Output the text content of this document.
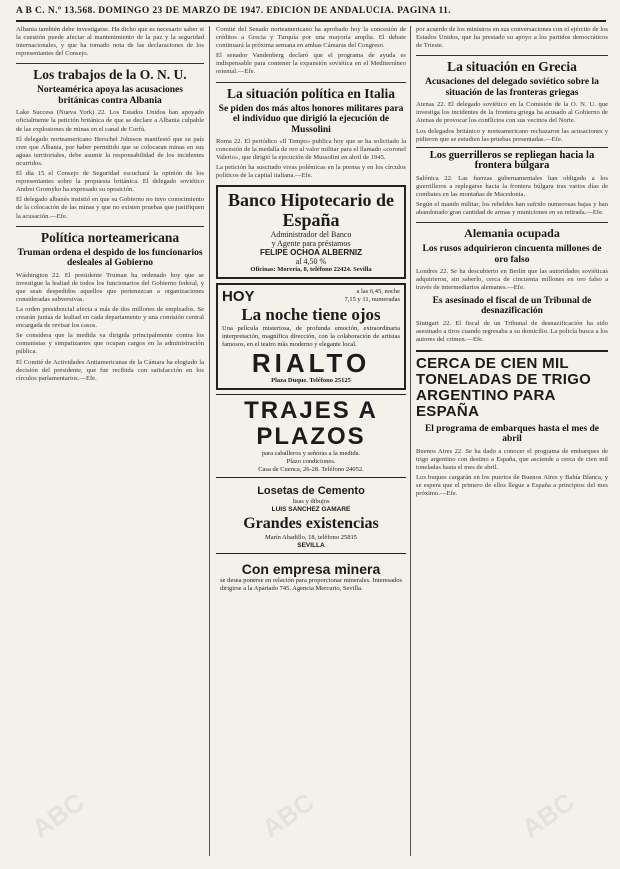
A B C. N.º 13.568. DOMINGO 23 DE MARZO DE 1947. EDICION DE ANDALUCIA. PAGINA 11.

Albania también debe investigarse. Ha dicho que es necesario saber si la cuestión puede afectar al mantenimiento de la paz y la seguridad internacionales, y que ha tomado nota de las declaraciones de los representantes del Consejo.

Los trabajos de la O. N. U.
Norteamérica apoya las acusaciones británicas contra Albania

Lake Success (Nueva York) 22. Los Estados Unidos han apoyado oficialmente la petición británica de que se declare a Albania culpable de las explosiones de minas en el canal de Corfú.

El delegado norteamericano Herschel Johnson manifestó que su país cree que Albania, por haber permitido que se colocaran minas en sus aguas territoriales, debe asumir la responsabilidad de los incidentes ocurridos.

El día 15 el Consejo de Seguridad escuchará la opinión de los representantes sobre la propuesta británica. El delegado soviético Andrei Gromyko ha expresado su oposición.

El delegado albanés insistió en que su Gobierno no tuvo conocimiento de la colocación de las minas y que no existen pruebas que justifiquen la acusación.—Efe.

Política norteamericana
Truman ordena el despido de los funcionarios desleales al Gobierno

Wáshington 22. El presidente Truman ha ordenado hoy que se investigue la lealtad de todos los funcionarios del Gobierno federal, y que sean despedidos aquellos que pertenezcan a organizaciones consideradas subversivas.

La orden presidencial afecta a más de dos millones de empleados. Se crearán juntas de lealtad en cada departamento y una comisión central encargada de revisar los casos.

Se considera que la medida va dirigida principalmente contra los comunistas y simpatizantes que ocupan cargos en la administración pública.

El Comité de Actividades Antiamericanas de la Cámara ha elogiado la decisión del presidente, que fue recibida con satisfacción en los círculos parlamentarios.—Efe.

Comité del Senado norteamericano ha aprobado hoy la concesión de créditos a Grecia y Turquía por una mayoría amplia. El debate continuará la próxima semana en ambas Cámaras del Congreso.

El senador Vandenberg declaró que el programa de ayuda es indispensable para contener la expansión soviética en el Mediterráneo oriental.—Efe.

La situación política en Italia
Se piden dos más altos honores militares para el individuo que dirigió la ejecución de Mussolini

Roma 22. El periódico «Il Tempo» publica hoy que se ha solicitado la concesión de la medalla de oro al valor militar para el llamado «coronel Valerio», que dirigió la ejecución de Mussolini en abril de 1945.

La petición ha suscitado vivas polémicas en la prensa y en los círculos políticos de la capital italiana.—Efe.

Banco Hipotecario de España
Administrador del Banco
y Agente para préstamos
FELIPE OCHOA ALBERNIZ
al 4,50 %
Oficinas: Moreria, 8, teléfono 22424. Sevilla
HOY	a las 6,45, noche
7,15 y 11, numeradas
La noche tiene ojos
Una película misteriosa, de profunda emoción, extraordinaria interpretación, magnífica dirección, con la colaboración de artistas famosos, en el teatro más moderno y elegante local.
RIALTO
Plaza Duque. Teléfono 25125
TRAJES A PLAZOS
para caballeros y señoras a la medida.
Plazo condiciones.
Casa de Cuenca, 26-28. Teléfono 24052.
Losetas de Cemento
lisas y dibujos
LUIS SANCHEZ GAMARE
Grandes existencias
Marín Abadillo, 18, teléfono 25815
SEVILLA
Con empresa minera
se desea ponerse en relación para proporcionar minerales. Interesados dirigirse a la Apartado 745. Agencia Mercurio, Sevilla.

por acuerdo de los ministros en sus conversaciones con el ejército de los Estados Unidos, que ha prestado su apoyo a los partidos democráticos de Trieste.

La situación en Grecia
Acusaciones del delegado soviético sobre la situación de las fronteras griegas

Atenas 22. El delegado soviético en la Comisión de la O. N. U. que investiga los incidentes de la frontera griega ha acusado al Gobierno de Atenas de provocar los conflictos con sus vecinos del Norte.

Los delegados británico y norteamericano rechazaron las acusaciones y pidieron que se estudien las pruebas presentadas.—Efe.

Los guerrilleros se repliegan hacia la frontera búlgara

Salónica 22. Las fuerzas gubernamentales han obligado a los guerrilleros a replegarse hacia la frontera búlgara tras varios días de combates en las montañas de Macedonia.

Según el mando militar, los rebeldes han sufrido numerosas bajas y han abandonado gran cantidad de armas y municiones en su retirada.—Efe.

Alemania ocupada
Los rusos adquirieron cincuenta millones de oro falso

Londres 22. Se ha descubierto en Berlín que las autoridades soviéticas adquirieron, sin saberlo, cerca de cincuenta millones en oro falso a través de intermediarios alemanes.—Efe.

Es asesinado el fiscal de un Tribunal de desnazificación

Stuttgart 22. El fiscal de un Tribunal de desnazificación ha sido asesinado a tiros cuando regresaba a su domicilio. La policía busca a los autores del crimen.—Efe.

CERCA DE CIEN MIL TONELADAS DE TRIGO ARGENTINO PARA ESPAÑA
El programa de embarques hasta el mes de abril

Buenos Aires 22. Se ha dado a conocer el programa de embarques de trigo argentino con destino a España, que asciende a cerca de cien mil toneladas hasta el mes de abril.

Los buques cargarán en los puertos de Buenos Aires y Bahía Blanca, y se espera que el primero de ellos llegue a España a principios del mes próximo.—Efe.

ABC	ABC	ABC
